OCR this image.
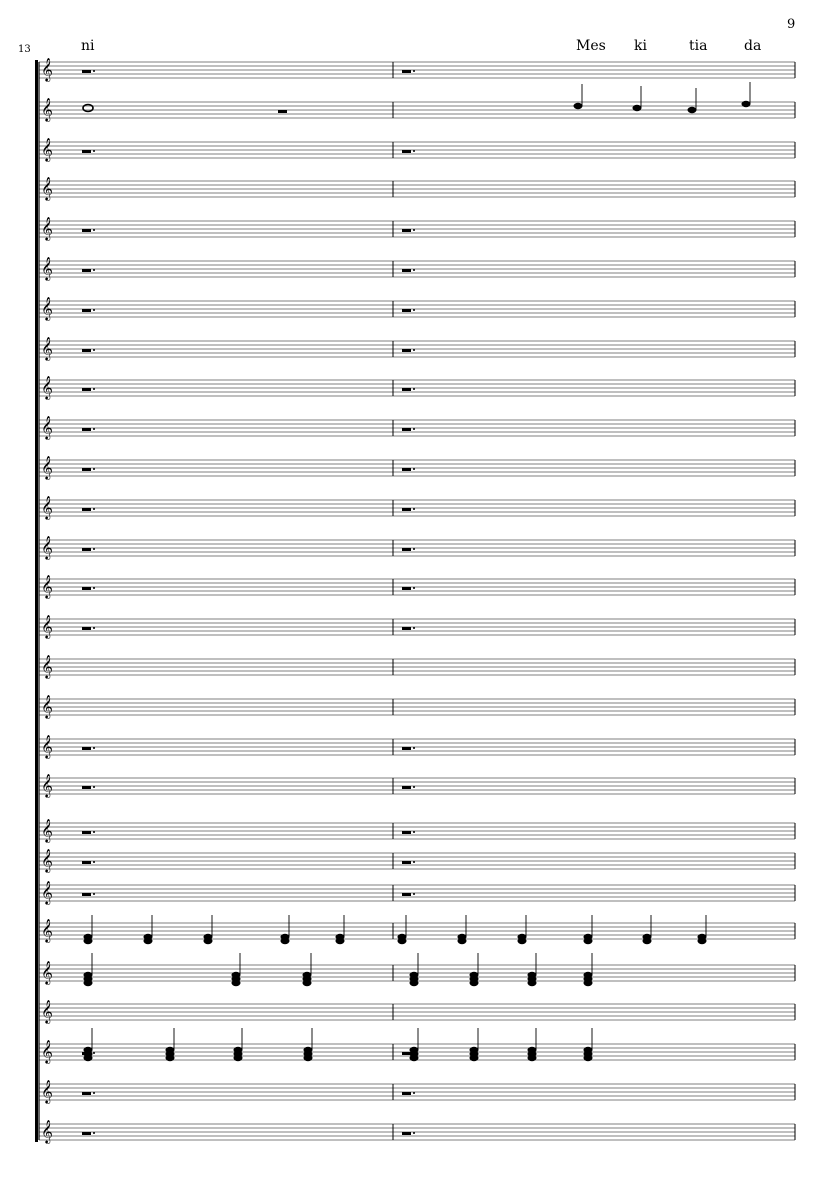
9
13	ni	Mes ki	tia	da
𝄞
𝄞
𝄞
𝄞
𝄞
𝄞
𝄞
𝄞
𝄞
𝄞
𝄞
𝄞
𝄞
𝄞
𝄞
𝄞
𝄞
𝄞
𝄞
𝄞
𝄞
𝄞
𝄞
𝄞
𝄞
𝄞
𝄞
𝄞
